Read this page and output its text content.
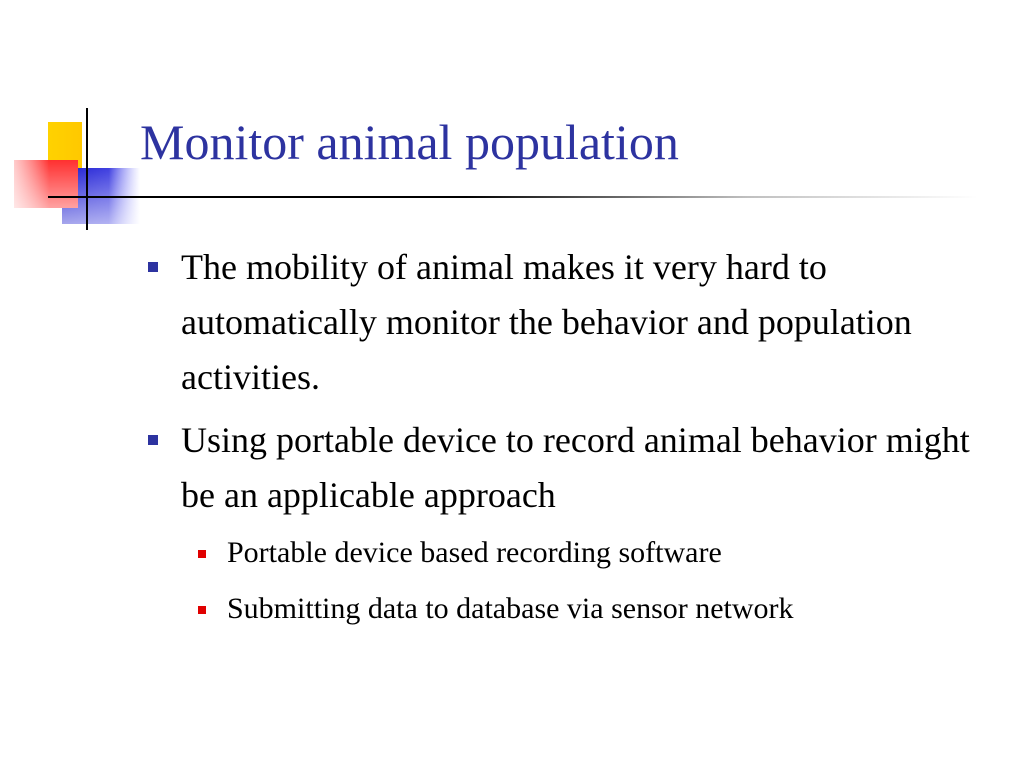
Monitor animal population
The mobility of animal makes it very hard to automatically monitor the behavior and population activities.
Using portable device to record animal behavior might be an applicable approach
Portable device based recording software
Submitting data to database via sensor network
